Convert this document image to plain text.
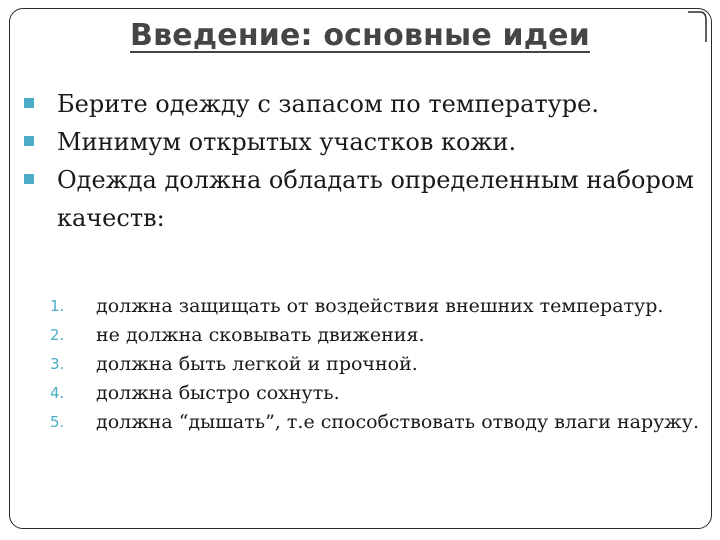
Введение: основные идеи
Берите одежду с запасом по температуре.
Минимум открытых участков кожи.
Одежда должна обладать определенным набором качеств:
1. должна защищать от воздействия внешних температур.
2. не должна сковывать движения.
3. должна быть легкой и прочной.
4. должна быстро сохнуть.
5. должна “дышать”, т.е способствовать отводу влаги наружу.
